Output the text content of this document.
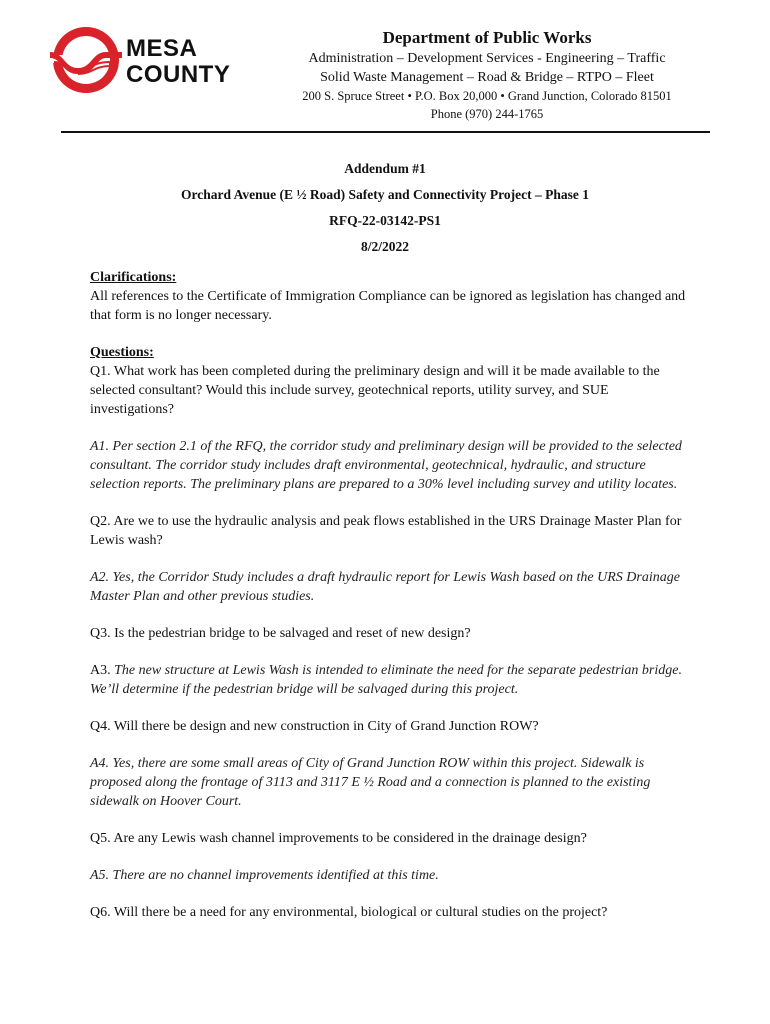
MESA
COUNTY
Department of Public Works
Administration – Development Services - Engineering – Traffic
Solid Waste Management – Road & Bridge – RTPO – Fleet
200 S. Spruce Street • P.O. Box 20,000 • Grand Junction, Colorado 81501
Phone (970) 244-1765
Addendum #1
Orchard Avenue (E ½ Road) Safety and Connectivity Project – Phase 1
RFQ-22-03142-PS1
8/2/2022
Clarifications:

All references to the Certificate of Immigration Compliance can be ignored as legislation has changed and that form is no longer necessary.

Questions:

Q1. What work has been completed during the preliminary design and will it be made available to the selected consultant? Would this include survey, geotechnical reports, utility survey, and SUE investigations?

A1. Per section 2.1 of the RFQ, the corridor study and preliminary design will be provided to the selected consultant. The corridor study includes draft environmental, geotechnical, hydraulic, and structure selection reports. The preliminary plans are prepared to a 30% level including survey and utility locates.

Q2. Are we to use the hydraulic analysis and peak flows established in the URS Drainage Master Plan for Lewis wash?

A2. Yes, the Corridor Study includes a draft hydraulic report for Lewis Wash based on the URS Drainage Master Plan and other previous studies.

Q3. Is the pedestrian bridge to be salvaged and reset of new design?

A3. The new structure at Lewis Wash is intended to eliminate the need for the separate pedestrian bridge. We’ll determine if the pedestrian bridge will be salvaged during this project.

Q4. Will there be design and new construction in City of Grand Junction ROW?

A4. Yes, there are some small areas of City of Grand Junction ROW within this project. Sidewalk is proposed along the frontage of 3113 and 3117 E ½ Road and a connection is planned to the existing sidewalk on Hoover Court.

Q5. Are any Lewis wash channel improvements to be considered in the drainage design?

A5. There are no channel improvements identified at this time.

Q6. Will there be a need for any environmental, biological or cultural studies on the project?
